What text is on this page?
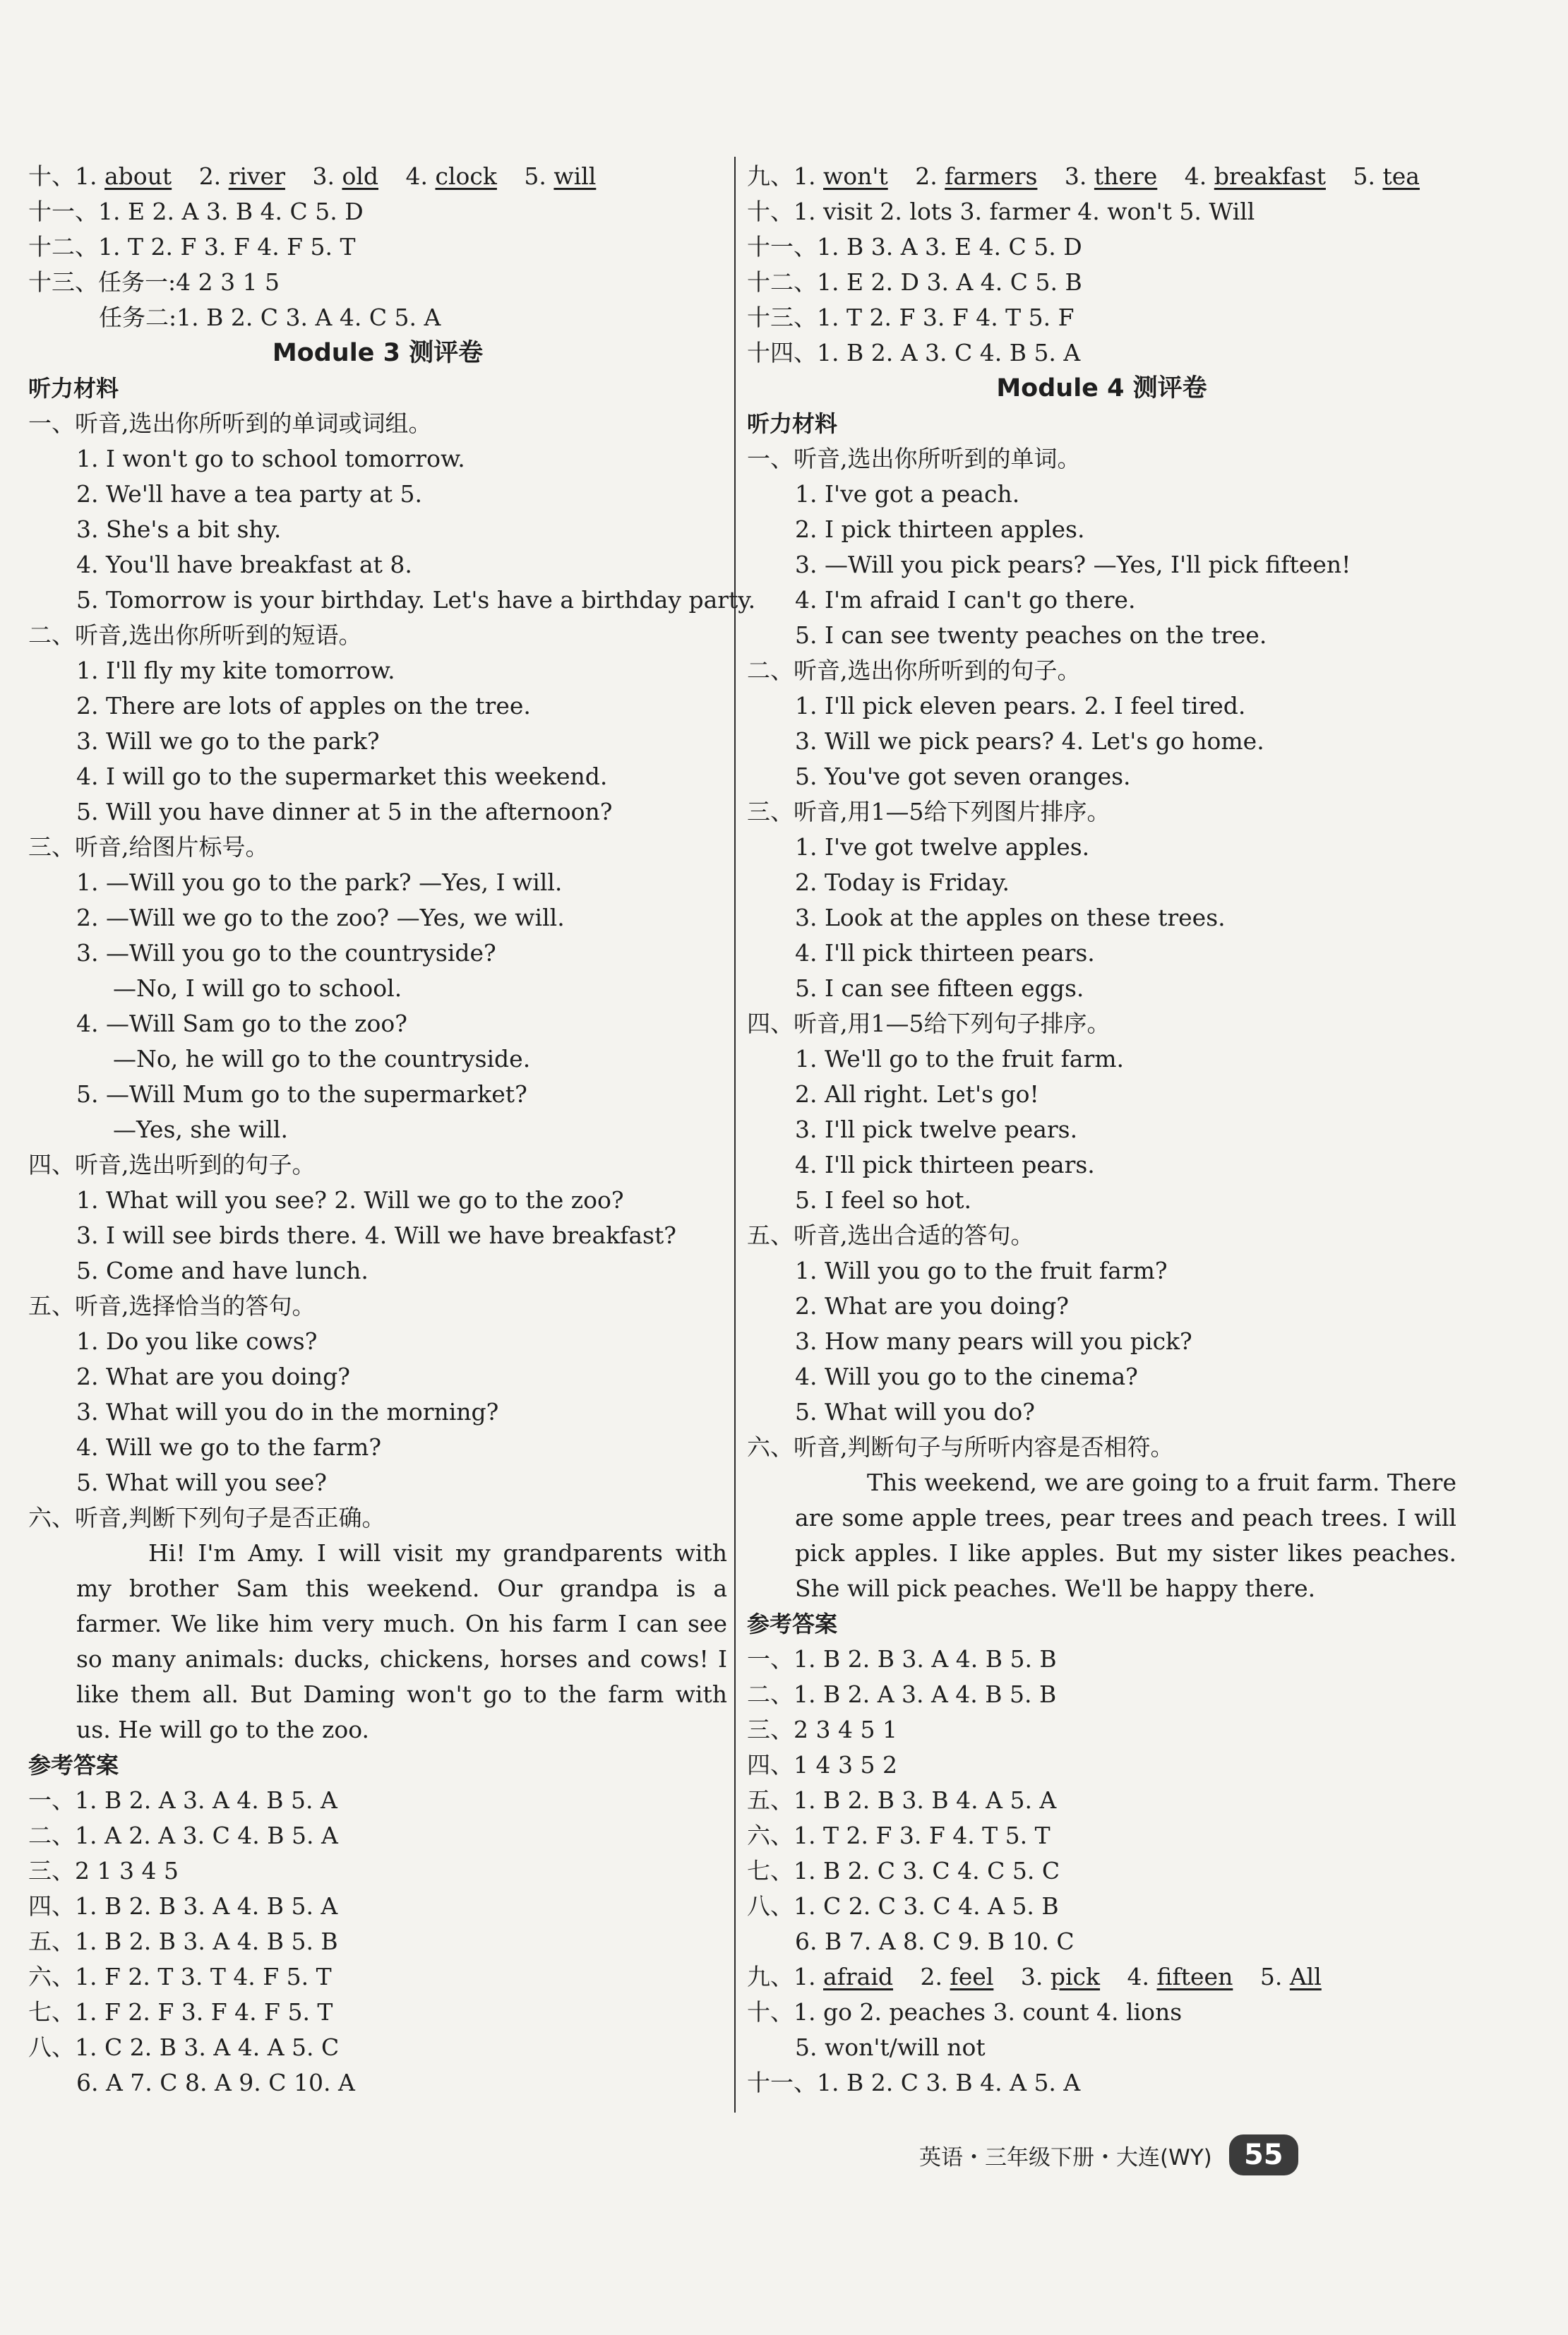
十、1. about 2. river 3. old 4. clock 5. will
十一、1. E 2. A 3. B 4. C 5. D
十二、1. T 2. F 3. F 4. F 5. T
十三、任务一:4 2 3 1 5
任务二:1. B 2. C 3. A 4. C 5. A
Module 3 测评卷
听力材料
一、听音,选出你所听到的单词或词组。
1. I won't go to school tomorrow.
2. We'll have a tea party at 5.
3. She's a bit shy.
4. You'll have breakfast at 8.
5. Tomorrow is your birthday. Let's have a birthday party.
二、听音,选出你所听到的短语。
1. I'll fly my kite tomorrow.
2. There are lots of apples on the tree.
3. Will we go to the park?
4. I will go to the supermarket this weekend.
5. Will you have dinner at 5 in the afternoon?
三、听音,给图片标号。
1. —Will you go to the park? —Yes, I will.
2. —Will we go to the zoo? —Yes, we will.
3. —Will you go to the countryside?
—No, I will go to school.
4. —Will Sam go to the zoo?
—No, he will go to the countryside.
5. —Will Mum go to the supermarket?
—Yes, she will.
四、听音,选出听到的句子。
1. What will you see? 2. Will we go to the zoo?
3. I will see birds there. 4. Will we have breakfast?
5. Come and have lunch.
五、听音,选择恰当的答句。
1. Do you like cows?
2. What are you doing?
3. What will you do in the morning?
4. Will we go to the farm?
5. What will you see?
六、听音,判断下列句子是否正确。
Hi! I'm Amy. I will visit my grandparents with my brother Sam this weekend. Our grandpa is a farmer. We like him very much. On his farm I can see so many animals: ducks, chickens, horses and cows! I like them all. But Daming won't go to the farm with us. He will go to the zoo.
参考答案
一、1. B 2. A 3. A 4. B 5. A
二、1. A 2. A 3. C 4. B 5. A
三、2 1 3 4 5
四、1. B 2. B 3. A 4. B 5. A
五、1. B 2. B 3. A 4. B 5. B
六、1. F 2. T 3. T 4. F 5. T
七、1. F 2. F 3. F 4. F 5. T
八、1. C 2. B 3. A 4. A 5. C
6. A 7. C 8. A 9. C 10. A
九、1. won't 2. farmers 3. there 4. breakfast 5. tea
十、1. visit 2. lots 3. farmer 4. won't 5. Will
十一、1. B 3. A 3. E 4. C 5. D
十二、1. E 2. D 3. A 4. C 5. B
十三、1. T 2. F 3. F 4. T 5. F
十四、1. B 2. A 3. C 4. B 5. A
Module 4 测评卷
听力材料
一、听音,选出你所听到的单词。
1. I've got a peach.
2. I pick thirteen apples.
3. —Will you pick pears? —Yes, I'll pick fifteen!
4. I'm afraid I can't go there.
5. I can see twenty peaches on the tree.
二、听音,选出你所听到的句子。
1. I'll pick eleven pears. 2. I feel tired.
3. Will we pick pears? 4. Let's go home.
5. You've got seven oranges.
三、听音,用1—5给下列图片排序。
1. I've got twelve apples.
2. Today is Friday.
3. Look at the apples on these trees.
4. I'll pick thirteen pears.
5. I can see fifteen eggs.
四、听音,用1—5给下列句子排序。
1. We'll go to the fruit farm.
2. All right. Let's go!
3. I'll pick twelve pears.
4. I'll pick thirteen pears.
5. I feel so hot.
五、听音,选出合适的答句。
1. Will you go to the fruit farm?
2. What are you doing?
3. How many pears will you pick?
4. Will you go to the cinema?
5. What will you do?
六、听音,判断句子与所听内容是否相符。
This weekend, we are going to a fruit farm. There are some apple trees, pear trees and peach trees. I will pick apples. I like apples. But my sister likes peaches. She will pick peaches. We'll be happy there.
参考答案
一、1. B 2. B 3. A 4. B 5. B
二、1. B 2. A 3. A 4. B 5. B
三、2 3 4 5 1
四、1 4 3 5 2
五、1. B 2. B 3. B 4. A 5. A
六、1. T 2. F 3. F 4. T 5. T
七、1. B 2. C 3. C 4. C 5. C
八、1. C 2. C 3. C 4. A 5. B
6. B 7. A 8. C 9. B 10. C
九、1. afraid 2. feel 3. pick 4. fifteen 5. All
十、1. go 2. peaches 3. count 4. lions
5. won't/will not
十一、1. B 2. C 3. B 4. A 5. A
英语・三年级下册・大连(WY)	55
